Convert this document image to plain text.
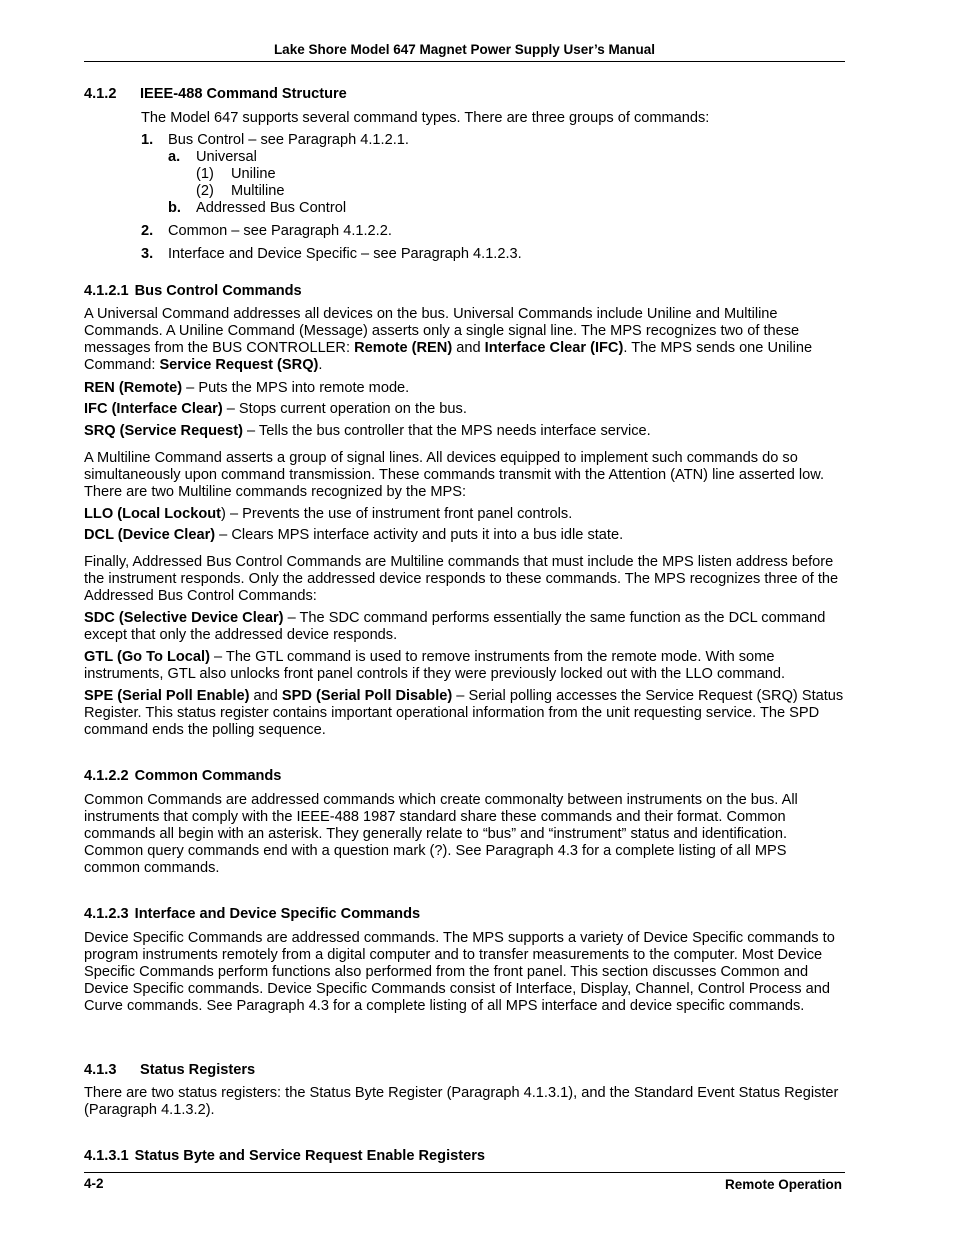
Lake Shore Model 647 Magnet Power Supply User’s Manual
4.1.2 IEEE-488 Command Structure
The Model 647 supports several command types. There are three groups of commands:
1. Bus Control – see Paragraph 4.1.2.1.
a. Universal
(1) Uniline
(2) Multiline
b. Addressed Bus Control
2. Common – see Paragraph 4.1.2.2.
3. Interface and Device Specific – see Paragraph 4.1.2.3.
4.1.2.1 Bus Control Commands

A Universal Command addresses all devices on the bus. Universal Commands include Uniline and Multiline Commands. A Uniline Command (Message) asserts only a single signal line. The MPS recognizes two of these messages from the BUS CONTROLLER: Remote (REN) and Interface Clear (IFC). The MPS sends one Uniline Command: Service Request (SRQ).

REN (Remote) – Puts the MPS into remote mode.

IFC (Interface Clear) – Stops current operation on the bus.

SRQ (Service Request) – Tells the bus controller that the MPS needs interface service.

A Multiline Command asserts a group of signal lines. All devices equipped to implement such commands do so simultaneously upon command transmission. These commands transmit with the Attention (ATN) line asserted low. There are two Multiline commands recognized by the MPS:

LLO (Local Lockout) – Prevents the use of instrument front panel controls.

DCL (Device Clear) – Clears MPS interface activity and puts it into a bus idle state.

Finally, Addressed Bus Control Commands are Multiline commands that must include the MPS listen address before the instrument responds. Only the addressed device responds to these commands. The MPS recognizes three of the Addressed Bus Control Commands:

SDC (Selective Device Clear) – The SDC command performs essentially the same function as the DCL command except that only the addressed device responds.

GTL (Go To Local) – The GTL command is used to remove instruments from the remote mode. With some instruments, GTL also unlocks front panel controls if they were previously locked out with the LLO command.

SPE (Serial Poll Enable) and SPD (Serial Poll Disable) – Serial polling accesses the Service Request (SRQ) Status Register. This status register contains important operational information from the unit requesting service. The SPD command ends the polling sequence.

4.1.2.2 Common Commands

Common Commands are addressed commands which create commonalty between instruments on the bus. All instruments that comply with the IEEE-488 1987 standard share these commands and their format. Common commands all begin with an asterisk. They generally relate to “bus” and “instrument” status and identification. Common query commands end with a question mark (?). See Paragraph 4.3 for a complete listing of all MPS common commands.

4.1.2.3 Interface and Device Specific Commands

Device Specific Commands are addressed commands. The MPS supports a variety of Device Specific commands to program instruments remotely from a digital computer and to transfer measurements to the computer. Most Device Specific Commands perform functions also performed from the front panel. This section discusses Common and Device Specific commands. Device Specific Commands consist of Interface, Display, Channel, Control Process and Curve commands. See Paragraph 4.3 for a complete listing of all MPS interface and device specific commands.

4.1.3 Status Registers

There are two status registers: the Status Byte Register (Paragraph 4.1.3.1), and the Standard Event Status Register (Paragraph 4.1.3.2).

4.1.3.1 Status Byte and Service Request Enable Registers
4-2	Remote Operation
